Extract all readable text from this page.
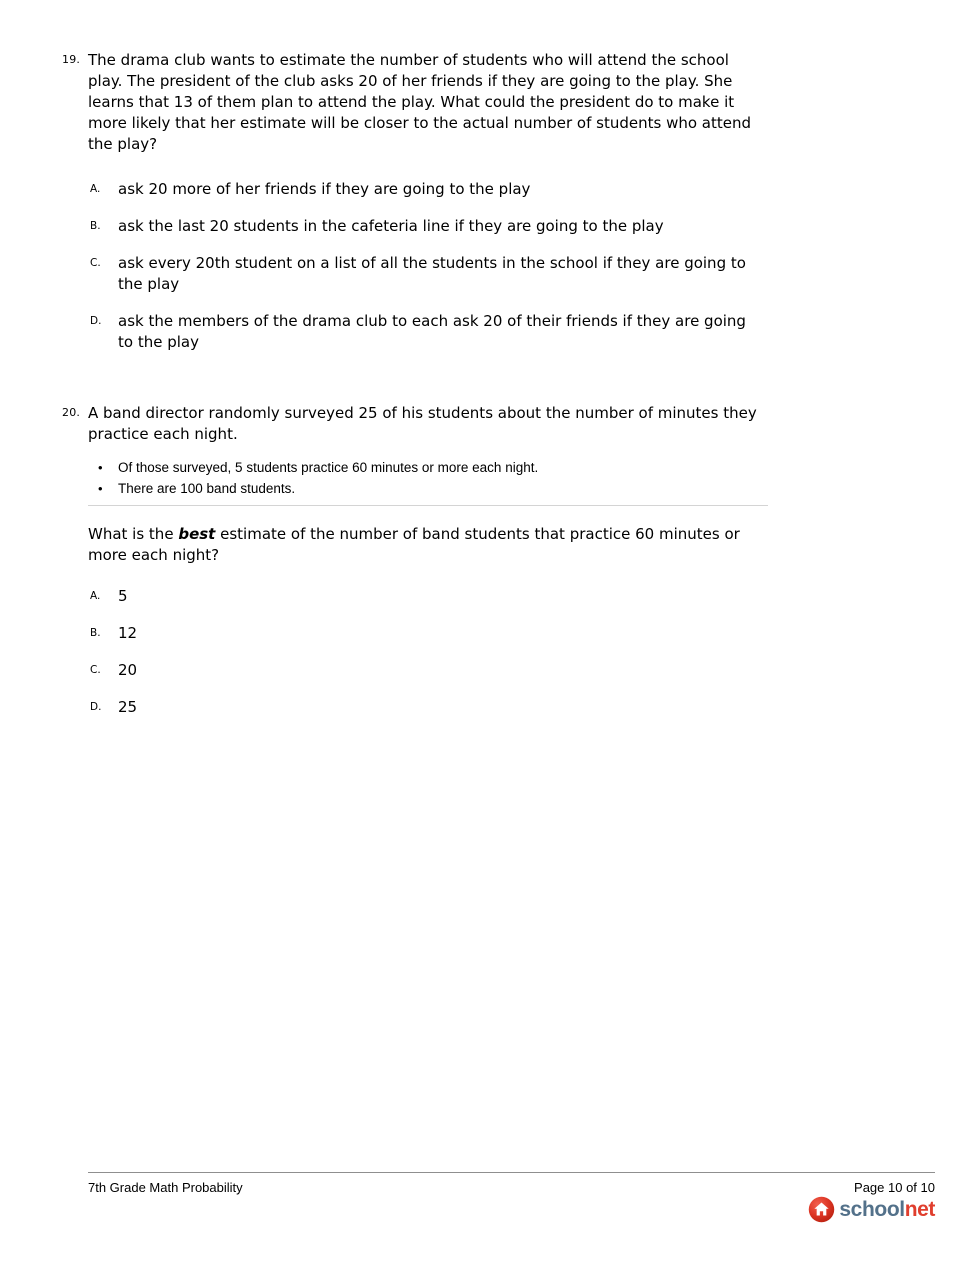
19. The drama club wants to estimate the number of students who will attend the school play. The president of the club asks 20 of her friends if they are going to the play. She learns that 13 of them plan to attend the play. What could the president do to make it more likely that her estimate will be closer to the actual number of students who attend the play?
A.	ask 20 more of her friends if they are going to the play
B.	ask the last 20 students in the cafeteria line if they are going to the play
C.	ask every 20th student on a list of all the students in the school if they are going to the play
D.	ask the members of the drama club to each ask 20 of their friends if they are going to the play
20. A band director randomly surveyed 25 of his students about the number of minutes they practice each night.
•	Of those surveyed, 5 students practice 60 minutes or more each night.
•	There are 100 band students.
What is the best estimate of the number of band students that practice 60 minutes or more each night?
A.	5
B.	12
C.	20
D.	25
7th Grade Math Probability	Page 10 of 10
schoolnet
